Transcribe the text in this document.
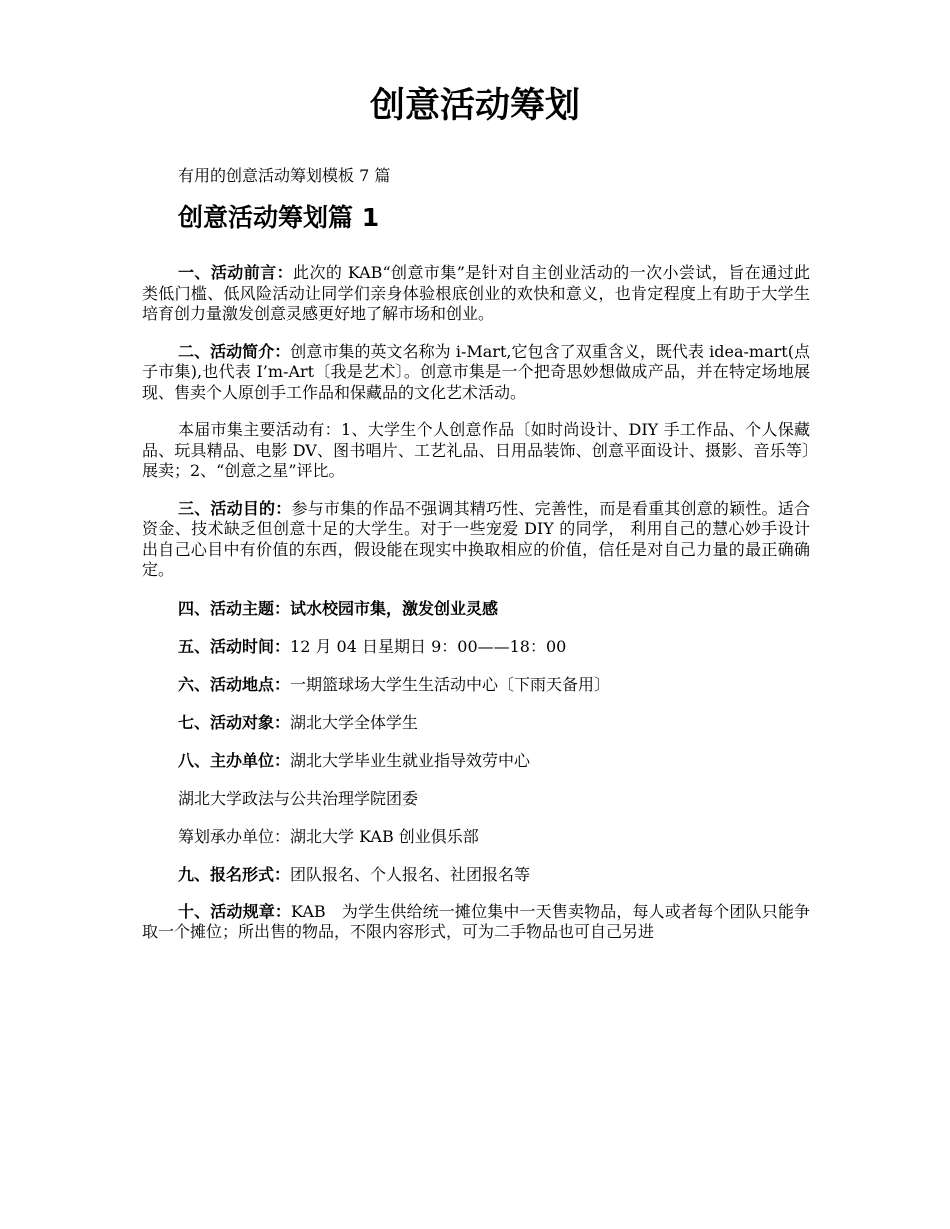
创意活动筹划

有用的创意活动筹划模板 7 篇

创意活动筹划篇 1

一、活动前言：此次的 KAB“创意市集”是针对自主创业活动的一次小尝试，旨在通过此类低门槛、低风险活动让同学们亲身体验根底创业的欢快和意义，也肯定程度上有助于大学生培育创力量激发创意灵感更好地了解市场和创业。

二、活动简介：创意市集的英文名称为 i-Mart,它包含了双重含义，既代表 idea-mart(点子市集),也代表 I’m-Art〔我是艺术〕。创意市集是一个把奇思妙想做成产品，并在特定场地展现、售卖个人原创手工作品和保藏品的文化艺术活动。

本届市集主要活动有：1、大学生个人创意作品〔如时尚设计、DIY 手工作品、个人保藏品、玩具精品、电影 DV、图书唱片、工艺礼品、日用品装饰、创意平面设计、摄影、音乐等〕展卖；2、“创意之星”评比。

三、活动目的：参与市集的作品不强调其精巧性、完善性，而是看重其创意的颖性。适合资金、技术缺乏但创意十足的大学生。对于一些宠爱 DIY 的同学， 利用自己的慧心妙手设计出自己心目中有价值的东西，假设能在现实中换取相应的价值，信任是对自己力量的最正确确定。

四、活动主题：试水校园市集，激发创业灵感

五、活动时间：12 月 04 日星期日 9：00——18：00

六、活动地点：一期篮球场大学生生活动中心〔下雨天备用〕

七、活动对象：湖北大学全体学生

八、主办单位：湖北大学毕业生就业指导效劳中心

湖北大学政法与公共治理学院团委

筹划承办单位：湖北大学 KAB 创业俱乐部

九、报名形式：团队报名、个人报名、社团报名等

十、活动规章：KAB　为学生供给统一摊位集中一天售卖物品，每人或者每个团队只能争取一个摊位；所出售的物品，不限内容形式，可为二手物品也可自己另进
